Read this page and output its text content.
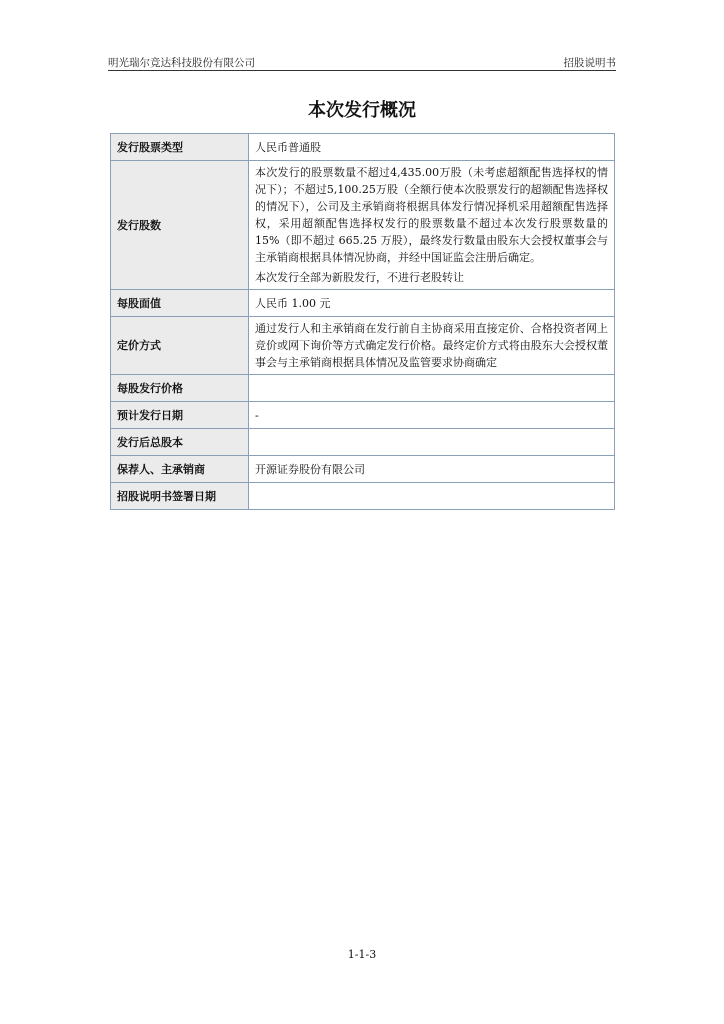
明光瑞尔竞达科技股份有限公司	招股说明书
本次发行概况
发行股票类型	人民币普通股

发行股数	本次发行的股票数量不超过4,435.00万股（未考虑超额配售选择权的情况下）；不超过5,100.25万股（全额行使本次股票发行的超额配售选择权的情况下），公司及主承销商将根据具体发行情况择机采用超额配售选择权，采用超额配售选择权发行的股票数量不超过本次发行股票数量的 15%（即不超过 665.25 万股），最终发行数量由股东大会授权董事会与主承销商根据具体情况协商，并经中国证监会注册后确定。

本次发行全部为新股发行，不进行老股转让

每股面值	人民币 1.00 元

定价方式	通过发行人和主承销商在发行前自主协商采用直接定价、合格投资者网上竞价或网下询价等方式确定发行价格。最终定价方式将由股东大会授权董事会与主承销商根据具体情况及监管要求协商确定

每股发行价格	

预计发行日期	-

发行后总股本	

保荐人、主承销商	开源证券股份有限公司

招股说明书签署日期	

1-1-3
